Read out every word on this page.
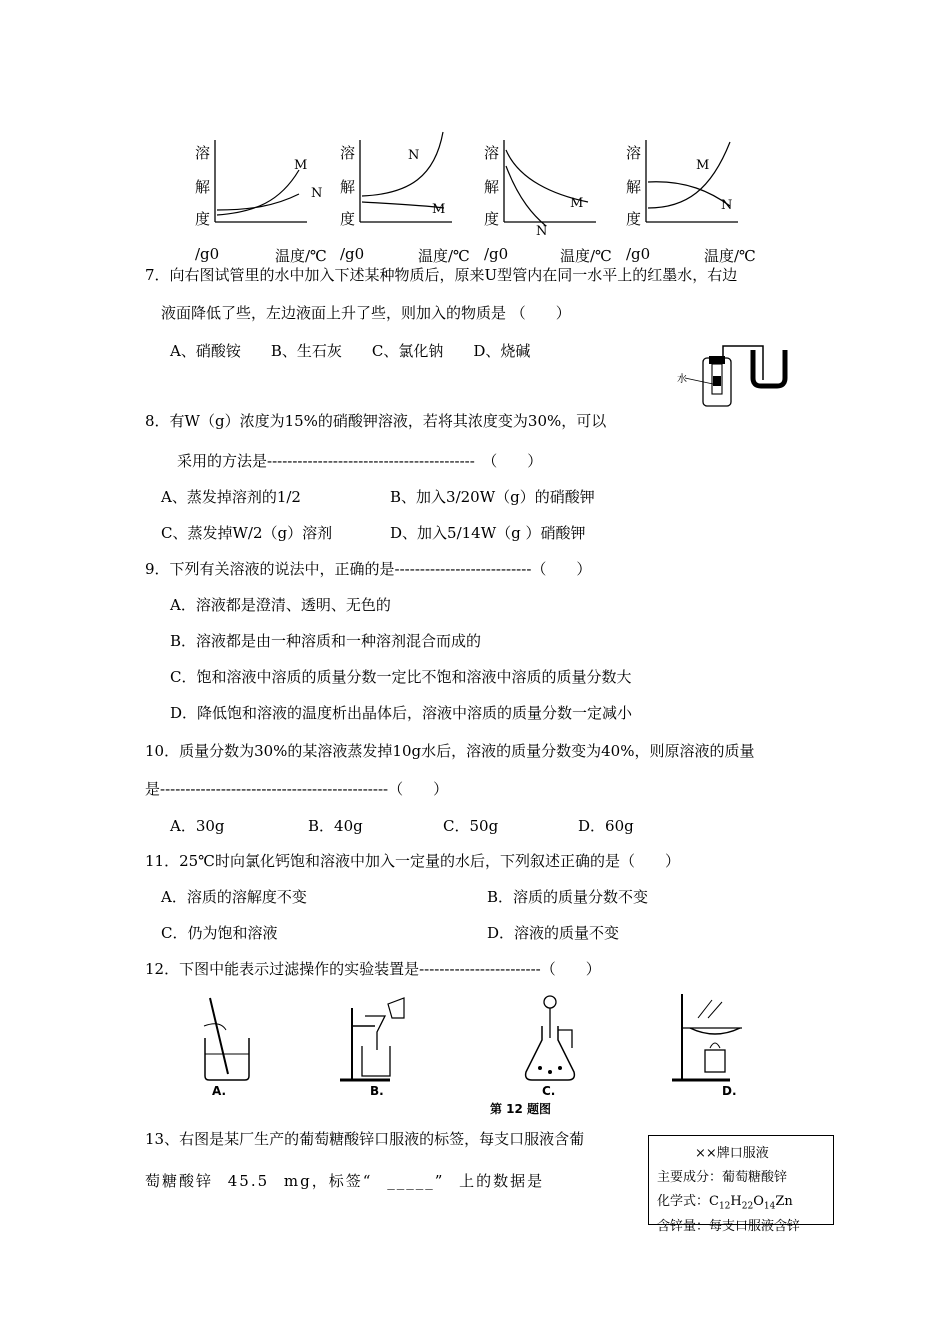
溶
解
度
M
N
/g0	温度/℃
溶
解
度
N
M
/g0	温度/℃
溶
解
度
M
N
/g0	温度/℃
溶
解
度
M
N
/g0	温度/℃
7．向右图试管里的水中加入下述某种物质后，原来U型管内在同一水平上的红墨水，右边
液面降低了些，左边液面上升了些，则加入的物质是 （　　）
A、硝酸铵　　B、生石灰　　C、氯化钠　　D、烧碱
水
8．有W（g）浓度为15%的硝酸钾溶液，若将其浓度变为30%，可以
采用的方法是-----------------------------------------　（　　）
A、蒸发掉溶剂的1/2	B、加入3/20W（g）的硝酸钾
C、蒸发掉W/2（g）溶剂	D、加入5/14W（g ）硝酸钾
9．下列有关溶液的说法中，正确的是---------------------------（　　）
A．溶液都是澄清、透明、无色的
B．溶液都是由一种溶质和一种溶剂混合而成的
C．饱和溶液中溶质的质量分数一定比不饱和溶液中溶质的质量分数大
D．降低饱和溶液的温度析出晶体后，溶液中溶质的质量分数一定减小
10．质量分数为30%的某溶液蒸发掉10g水后，溶液的质量分数变为40%，则原溶液的质量
是---------------------------------------------（　　）
A．30g	B．40g	C．50g	D．60g
11．25℃时向氯化钙饱和溶液中加入一定量的水后，下列叙述正确的是（　　）
A．溶质的溶解度不变	B．溶质的质量分数不变
C．仍为饱和溶液	D．溶液的质量不变
12．下图中能表示过滤操作的实验装置是------------------------（　　）
A.	B.	C.	D.
第 12 题图
13、右图是某厂生产的葡萄糖酸锌口服液的标签，每支口服液含葡
萄糖酸锌 45.5 mg，标签“ _____” 上的数据是
××牌口服液
主要成分：葡萄糖酸锌
化学式：$C_{12}H_{22}O_{14}Zn$
含锌量：每支口服液含锌
